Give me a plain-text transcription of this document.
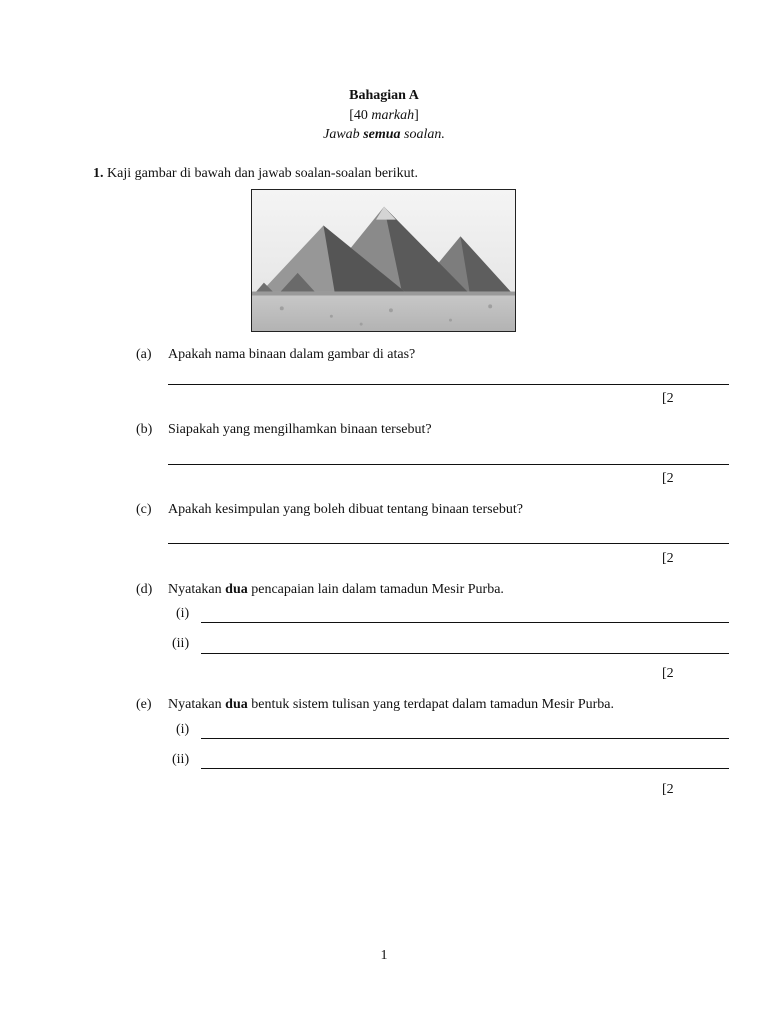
Bahagian A
[40 markah]
Jawab semua soalan.
1. Kaji gambar di bawah dan jawab soalan-soalan berikut.
(a) Apakah nama binaan dalam gambar di atas?
[2
(b) Siapakah yang mengilhamkan binaan tersebut?
[2
(c) Apakah kesimpulan yang boleh dibuat tentang binaan tersebut?
[2
(d) Nyatakan dua pencapaian lain dalam tamadun Mesir Purba.
(i)
(ii)
[2
(e) Nyatakan dua bentuk sistem tulisan yang terdapat dalam tamadun Mesir Purba.
(i)
(ii)
[2
1
